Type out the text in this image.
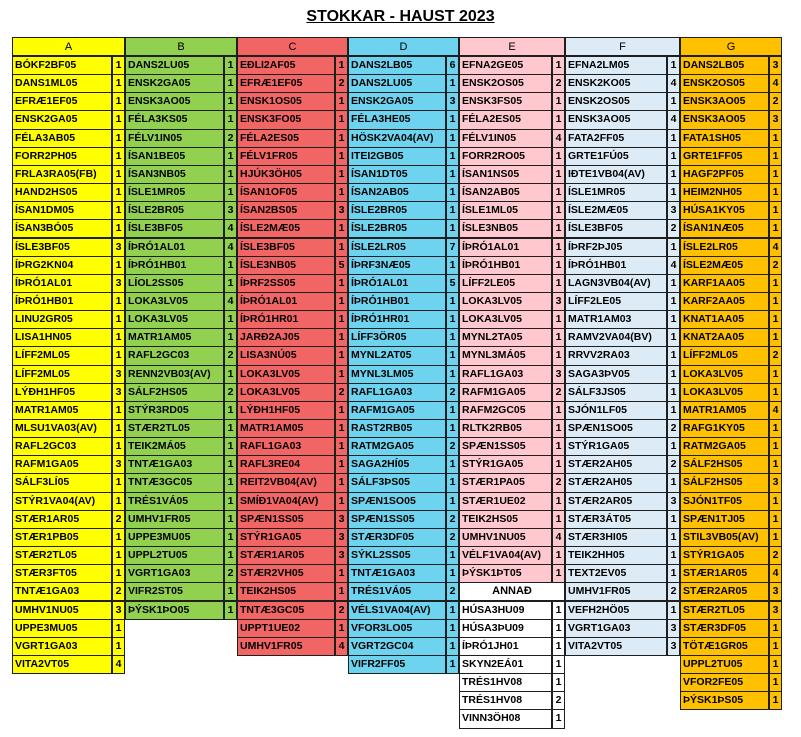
STOKKAR - HAUST 2023
A
BÓKF2BF05	1
DANS1ML05	1
EFRÆ1EF05	1
ENSK2GA05	1
FÉLA3AB05	1
FORR2PH05	1
FRLA3RA05(FB)	1
HAND2HS05	1
ÍSAN1DM05	1
ÍSAN3BÓ05	1
ÍSLE3BF05	3
ÍÞRG2KN04	1
ÍÞRÓ1AL01	3
ÍÞRÓ1HB01	1
LINU2GR05	1
LISA1HN05	1
LÍFF2ML05	1
LÍFF2ML05	3
LÝÐH1HF05	3
MATR1AM05	1
MLSU1VA03(AV)	1
RAFL2GC03	1
RAFM1GA05	3
SÁLF3LÍ05	1
STÝR1VA04(AV)	1
STÆR1AR05	2
STÆR1PB05	1
STÆR2TL05	1
STÆR3FT05	1
TNTÆ1GA03	2
UMHV1NU05	3
UPPE3MU05	1
VGRT1GA03	1
VITA2VT05	4
B
DANS2LU05	1
ENSK2GA05	1
ENSK3AO05	1
FÉLA3KS05	1
FÉLV1IN05	2
ÍSAN1BE05	1
ÍSAN3NB05	1
ÍSLE1MR05	1
ÍSLE2BR05	3
ÍSLE3BF05	4
ÍÞRÓ1AL01	4
ÍÞRÓ1HB01	1
LÍOL2SS05	1
LOKA3LV05	4
LOKA3LV05	1
MATR1AM05	1
RAFL2GC03	2
RENN2VB03(AV)	1
SÁLF2HS05	2
STÝR3RD05	1
STÆR2TL05	1
TEIK2MÁ05	1
TNTÆ1GA03	1
TNTÆ3GC05	1
TRÉS1VÁ05	1
UMHV1FR05	1
UPPE3MU05	1
UPPL2TU05	1
VGRT1GA03	2
VIFR2ST05	1
ÞÝSK1ÞO05	1
C
EÐLI2AF05	1
EFRÆ1EF05	2
ENSK1OS05	1
ENSK3FO05	1
FÉLA2ES05	1
FÉLV1FR05	1
HJÚK3ÖH05	1
ÍSAN1OF05	1
ÍSAN2BS05	3
ÍSLE2MÆ05	1
ÍSLE3BF05	1
ÍSLE3NB05	5
ÍÞRF2SS05	1
ÍÞRÓ1AL01	1
ÍÞRÓ1HR01	1
JARÐ2AJ05	1
LISA3NÚ05	1
LOKA3LV05	1
LOKA3LV05	2
LÝÐH1HF05	1
MATR1AM05	1
RAFL1GA03	1
RAFL3RE04	1
REIT2VB04(AV)	1
SMÍÐ1VA04(AV)	1
SPÆN1SS05	3
STÝR1GA05	3
STÆR1AR05	3
STÆR2VH05	1
TEIK2HS05	1
TNTÆ3GC05	2
UPPT1UE02	1
UMHV1FR05	4
D
DANS2LB05	6
DANS2LU05	1
ENSK2GA05	3
FÉLA3HE05	1
HÖSK2VA04(AV)	1
ITEI2GB05	1
ÍSAN1DT05	1
ÍSAN2AB05	1
ÍSLE2BR05	1
ÍSLE2BR05	1
ÍSLE2LR05	7
ÍÞRF3NÆ05	1
ÍÞRÓ1AL01	5
ÍÞRÓ1HB01	1
ÍÞRÓ1HR01	1
LÍFF3ÖR05	1
MYNL2AT05	1
MYNL3LM05	1
RAFL1GA03	2
RAFM1GA05	1
RAST2RB05	1
RATM2GA05	2
SAGA2HÍ05	1
SÁLF3ÞS05	1
SPÆN1SO05	1
SPÆN1SS05	2
STÆR3DF05	2
SÝKL2SS05	1
TNTÆ1GA03	1
TRÉS1VÁ05	2
VÉLS1VA04(AV)	1
VFOR3LO05	1
VGRT2GC04	1
VIFR2FF05	1
E
EFNA2GE05	1
ENSK2OS05	2
ENSK3FS05	1
FÉLA2ES05	1
FÉLV1IN05	4
FORR2RO05	1
ÍSAN1NS05	1
ÍSAN2AB05	1
ÍSLE1ML05	1
ÍSLE3NB05	1
ÍÞRÓ1AL01	1
ÍÞRÓ1HB01	1
LÍFF2LE05	1
LOKA3LV05	3
LOKA3LV05	1
MYNL2TA05	1
MYNL3MÁ05	1
RAFL1GA03	3
RAFM1GA05	2
RAFM2GC05	1
RLTK2RB05	1
SPÆN1SS05	1
STÝR1GA05	1
STÆR1PA05	2
STÆR1UE02	1
TEIK2HS05	1
UMHV1NU05	4
VÉLF1VA04(AV)	1
ÞÝSK1ÞT05	1
ANNAÐ
HÚSA3HU09	1
HÚSA3ÞU09	1
ÍÞRÓ1JH01	1
SKYN2EÁ01	1
TRÉS1HV08	1
TRÉS1HV08	2
VINN3ÖH08	1
F
EFNA2LM05	1
ENSK2KO05	4
ENSK2OS05	1
ENSK3AO05	4
FATA2FF05	1
GRTE1FÚ05	1
IÐTE1VB04(AV)	1
ÍSLE1MR05	1
ÍSLE2MÆ05	3
ÍSLE3BF05	2
ÍÞRF2ÞJ05	1
ÍÞRÓ1HB01	4
LAGN3VB04(AV)	1
LÍFF2LE05	1
MATR1AM03	1
RAMV2VA04(BV)	1
RRVV2RA03	1
SAGA3ÞV05	1
SÁLF3JS05	1
SJÓN1LF05	1
SPÆN1SO05	2
STÝR1GA05	1
STÆR2AH05	2
STÆR2AH05	1
STÆR2AR05	3
STÆR3ÁT05	1
STÆR3HI05	1
TEIK2HH05	1
TEXT2EV05	1
UMHV1FR05	2
VEFH2HÖ05	1
VGRT1GA03	3
VITA2VT05	3
G
DANS2LB05	3
ENSK2OS05	4
ENSK3AO05	2
ENSK3AO05	3
FATA1SH05	1
GRTE1FF05	1
HAGF2PF05	1
HEIM2NH05	1
HÚSA1KY05	1
ÍSAN1NÆ05	1
ÍSLE2LR05	4
ÍSLE2MÆ05	2
KARF1AA05	1
KARF2AA05	1
KNAT1AA05	1
KNAT2AA05	1
LÍFF2ML05	2
LOKA3LV05	1
LOKA3LV05	1
MATR1AM05	4
RAFG1KY05	1
RATM2GA05	1
SÁLF2HS05	1
SÁLF2HS05	3
SJÓN1TF05	1
SPÆN1TJ05	1
STIL3VB05(AV)	1
STÝR1GA05	2
STÆR1AR05	4
STÆR2AR05	3
STÆR2TL05	3
STÆR3DF05	1
TÖTÆ1GR05	1
UPPL2TU05	1
VFOR2FE05	1
ÞÝSK1ÞS05	1
